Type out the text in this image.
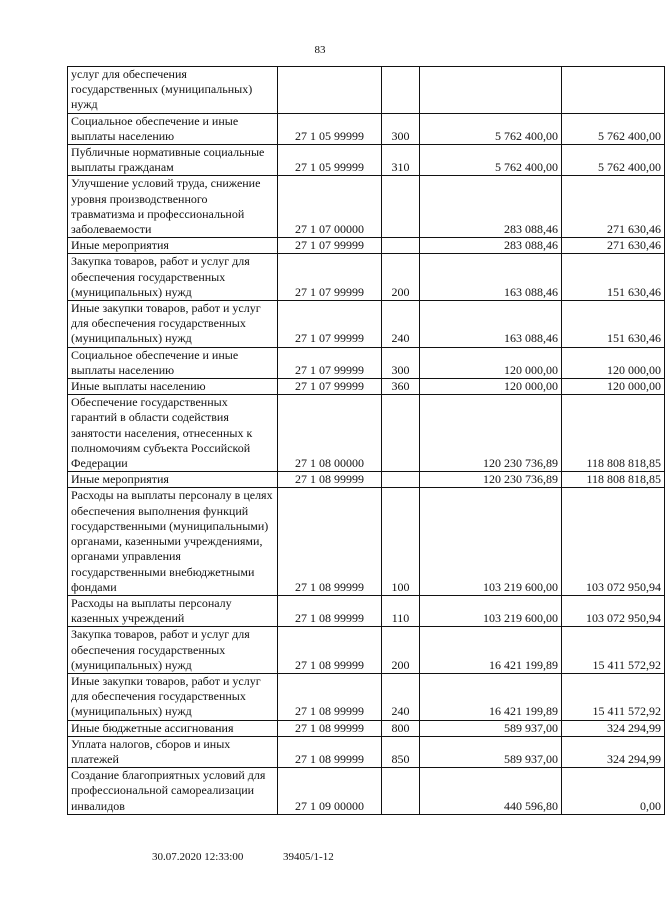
83
услуг для обеспечения государственных (муниципальных) нужд				
Социальное обеспечение и иные выплаты населению	27 1 05 99999	300	5 762 400,00	5 762 400,00
Публичные нормативные социальные выплаты гражданам	27 1 05 99999	310	5 762 400,00	5 762 400,00
Улучшение условий труда, снижение уровня производственного травматизма и профессиональной заболеваемости	27 1 07 00000		283 088,46	271 630,46
Иные мероприятия	27 1 07 99999		283 088,46	271 630,46
Закупка товаров, работ и услуг для обеспечения государственных (муниципальных) нужд	27 1 07 99999	200	163 088,46	151 630,46
Иные закупки товаров, работ и услуг для обеспечения государственных (муниципальных) нужд	27 1 07 99999	240	163 088,46	151 630,46
Социальное обеспечение и иные выплаты населению	27 1 07 99999	300	120 000,00	120 000,00
Иные выплаты населению	27 1 07 99999	360	120 000,00	120 000,00
Обеспечение государственных гарантий в области содействия занятости населения, отнесенных к полномочиям субъекта Российской Федерации	27 1 08 00000		120 230 736,89	118 808 818,85
Иные мероприятия	27 1 08 99999		120 230 736,89	118 808 818,85
Расходы на выплаты персоналу в целях обеспечения выполнения функций государственными (муниципальными) органами, казенными учреждениями, органами управления государственными внебюджетными фондами	27 1 08 99999	100	103 219 600,00	103 072 950,94
Расходы на выплаты персоналу казенных учреждений	27 1 08 99999	110	103 219 600,00	103 072 950,94
Закупка товаров, работ и услуг для обеспечения государственных (муниципальных) нужд	27 1 08 99999	200	16 421 199,89	15 411 572,92
Иные закупки товаров, работ и услуг для обеспечения государственных (муниципальных) нужд	27 1 08 99999	240	16 421 199,89	15 411 572,92
Иные бюджетные ассигнования	27 1 08 99999	800	589 937,00	324 294,99
Уплата налогов, сборов и иных платежей	27 1 08 99999	850	589 937,00	324 294,99
Создание благоприятных условий для профессиональной самореализации инвалидов	27 1 09 00000		440 596,80	0,00
30.07.2020 12:33:00	39405/1-12
